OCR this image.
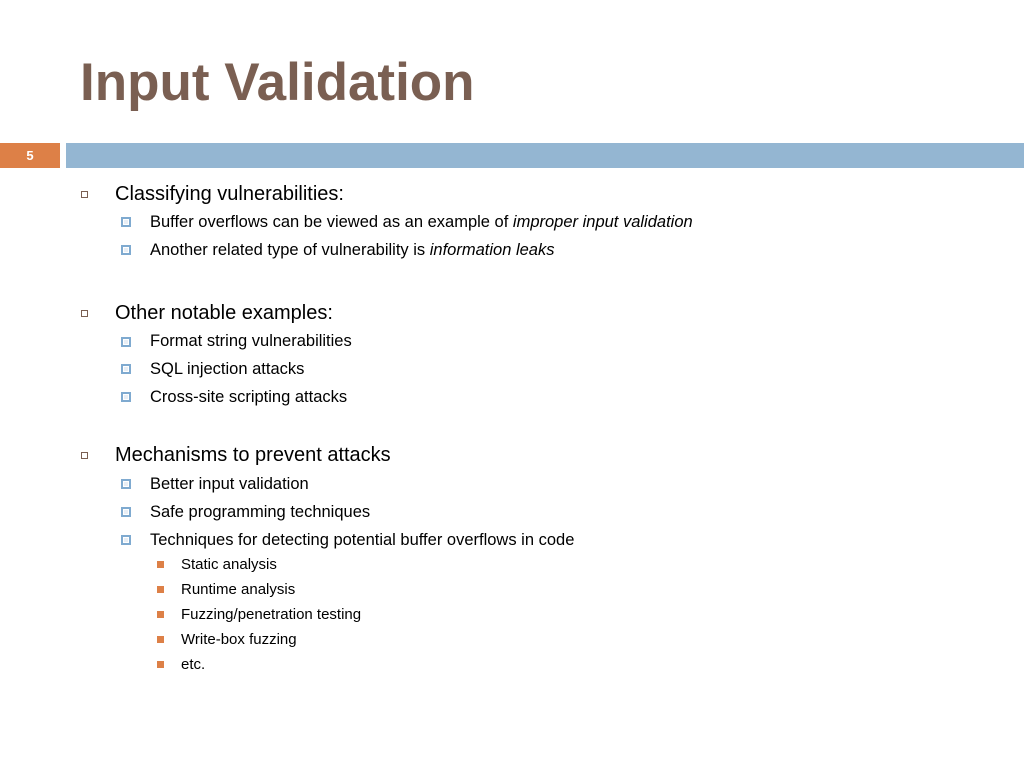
Input Validation
5
Classifying vulnerabilities:
Buffer overflows can be viewed as an example of improper input validation
Another related type of vulnerability is information leaks
Other notable examples:
Format string vulnerabilities
SQL injection attacks
Cross-site scripting attacks
Mechanisms to prevent attacks
Better input validation
Safe programming techniques
Techniques for detecting potential buffer overflows in code
Static analysis
Runtime analysis
Fuzzing/penetration testing
Write-box fuzzing
etc.
